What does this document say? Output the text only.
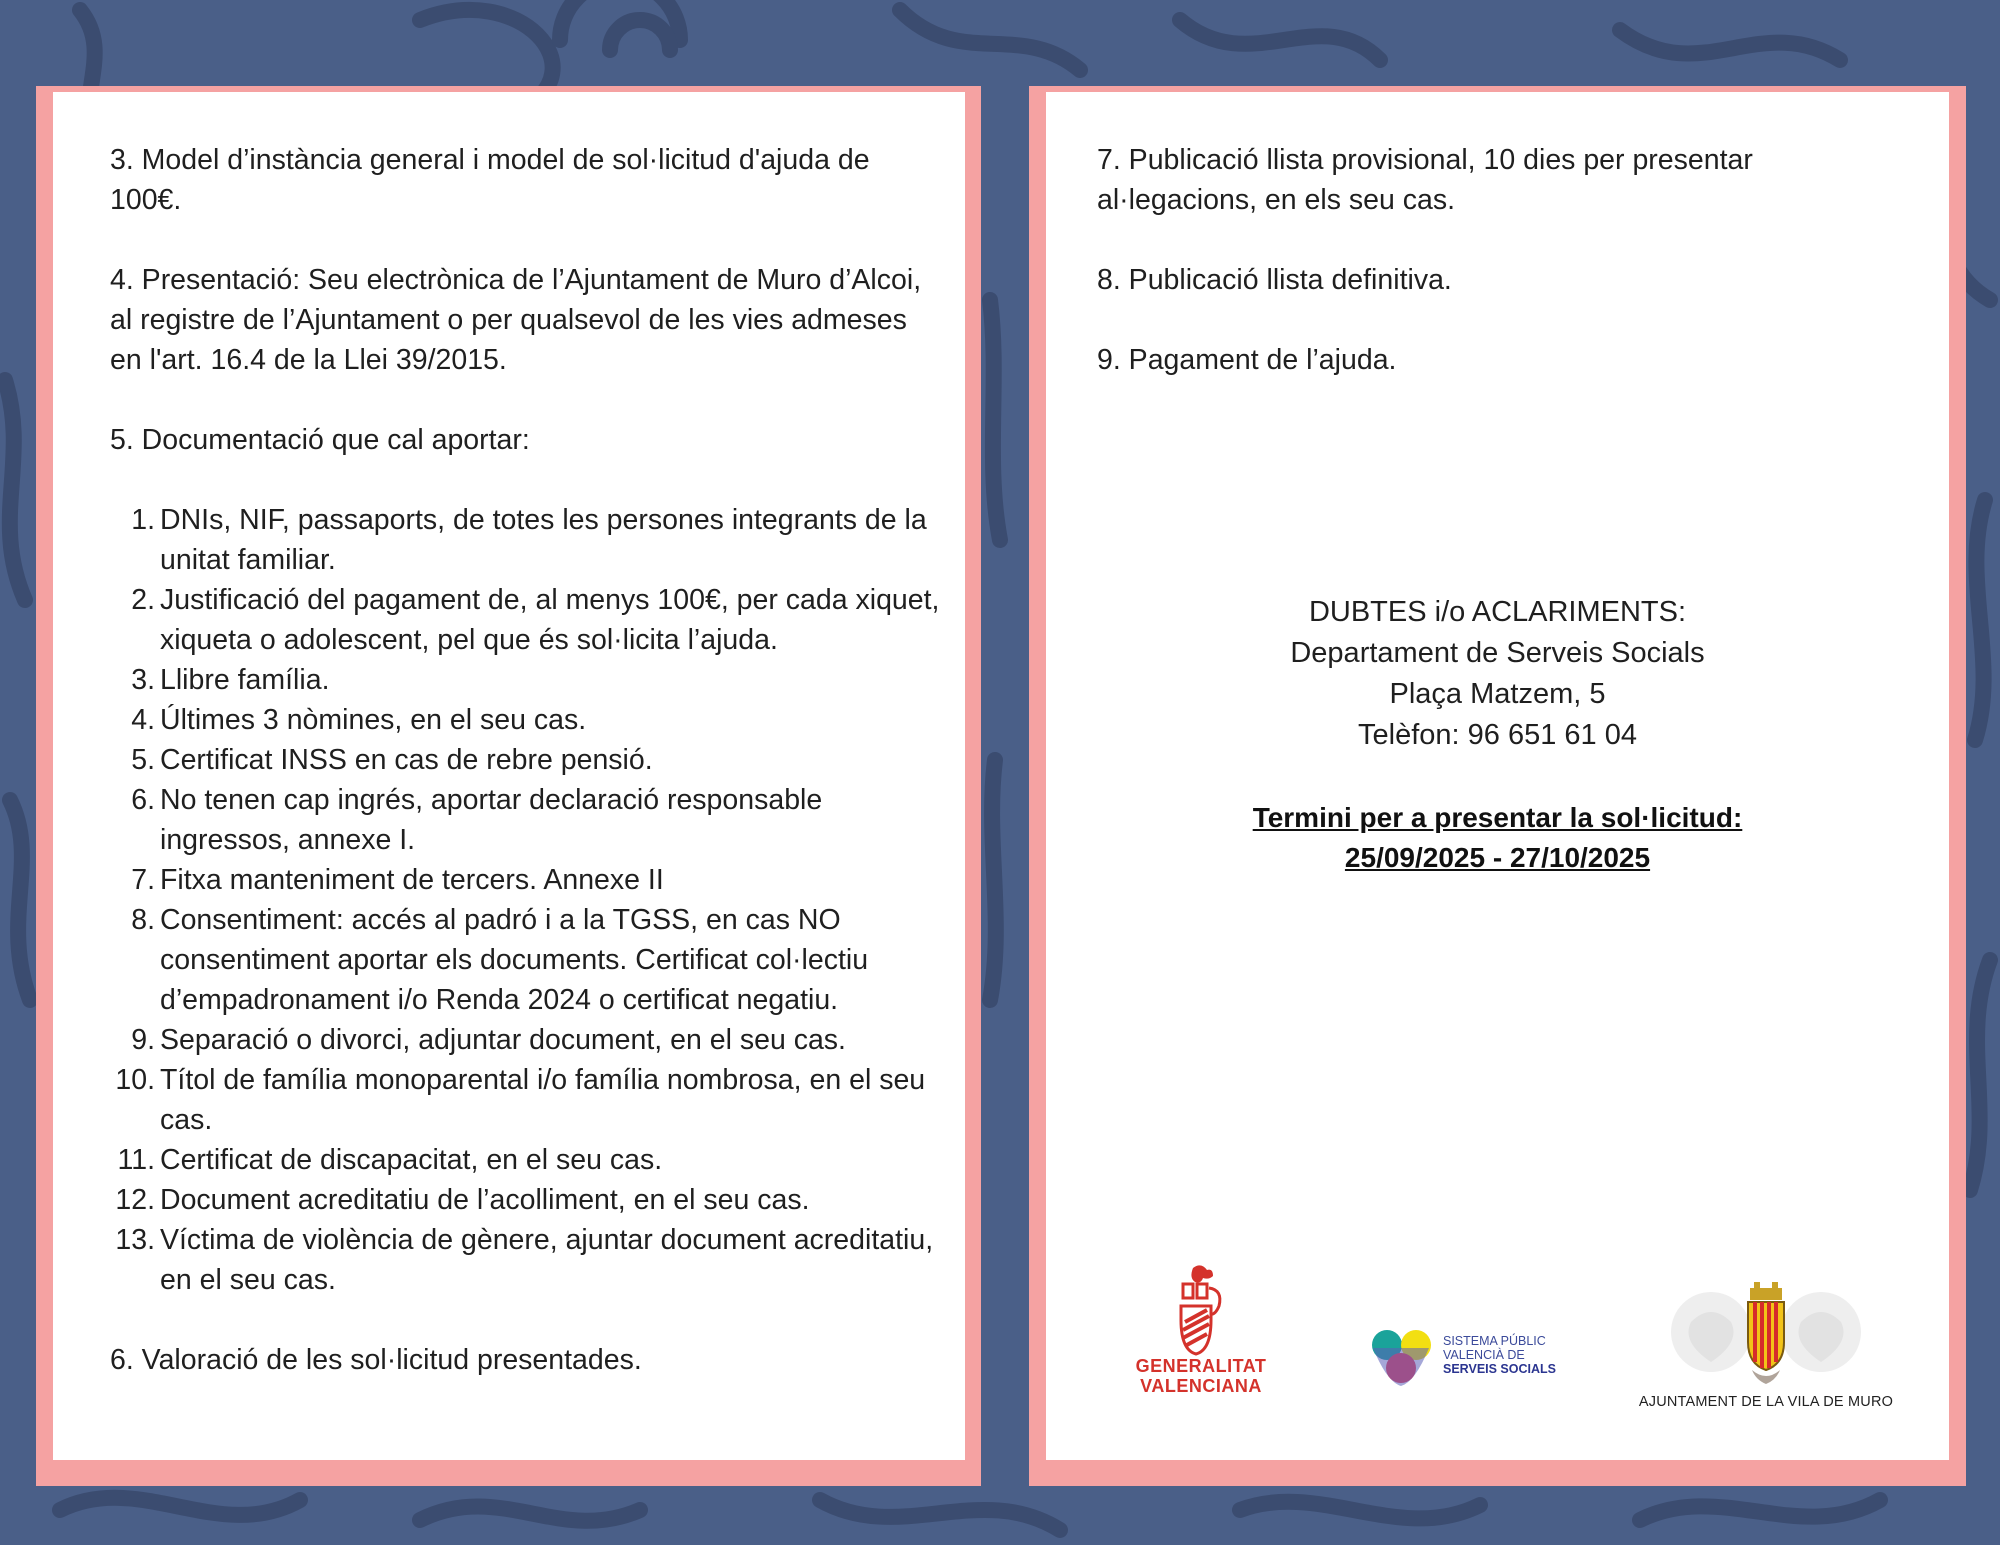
3. Model d’instància general i model de sol·licitud d'ajuda de 100€.

4. Presentació: Seu electrònica de l’Ajuntament de Muro d’Alcoi, al registre de l’Ajuntament o per qualsevol de les vies admeses en l'art. 16.4 de la Llei 39/2015.

5. Documentació que cal aportar:

1. DNIs, NIF, passaports, de totes les persones integrants de la unitat familiar.
2. Justificació del pagament de, al menys 100€, per cada xiquet, xiqueta o adolescent, pel que és sol·licita l’ajuda.
3. Llibre família.
4. Últimes 3 nòmines, en el seu cas.
5. Certificat INSS en cas de rebre pensió.
6. No tenen cap ingrés, aportar declaració responsable ingressos, annexe I.
7. Fitxa manteniment de tercers. Annexe II
8. Consentiment: accés al padró i a la TGSS, en cas NO consentiment aportar els documents. Certificat col·lectiu d’empadronament i/o Renda 2024 o certificat negatiu.
9. Separació o divorci, adjuntar document, en el seu cas.
10. Títol de família monoparental i/o família nombrosa, en el seu cas.
11. Certificat de discapacitat, en el seu cas.
12. Document acreditatiu de l’acolliment, en el seu cas.
13. Víctima de violència de gènere, ajuntar document acreditatiu, en el seu cas.

6. Valoració de les sol·licitud presentades.

7. Publicació llista provisional, 10 dies per presentar al·legacions, en els seu cas.

8. Publicació llista definitiva.

9. Pagament de l’ajuda.

DUBTES i/o ACLARIMENTS:
Departament de Serveis Socials
Plaça Matzem, 5
Telèfon: 96 651 61 04
Termini per a presentar la sol·licitud:
25/09/2025 - 27/10/2025
GENERALITAT
VALENCIANA
SISTEMA PÚBLIC
VALENCIÀ DE
SERVEIS SOCIALS
AJUNTAMENT DE LA VILA DE MURO
